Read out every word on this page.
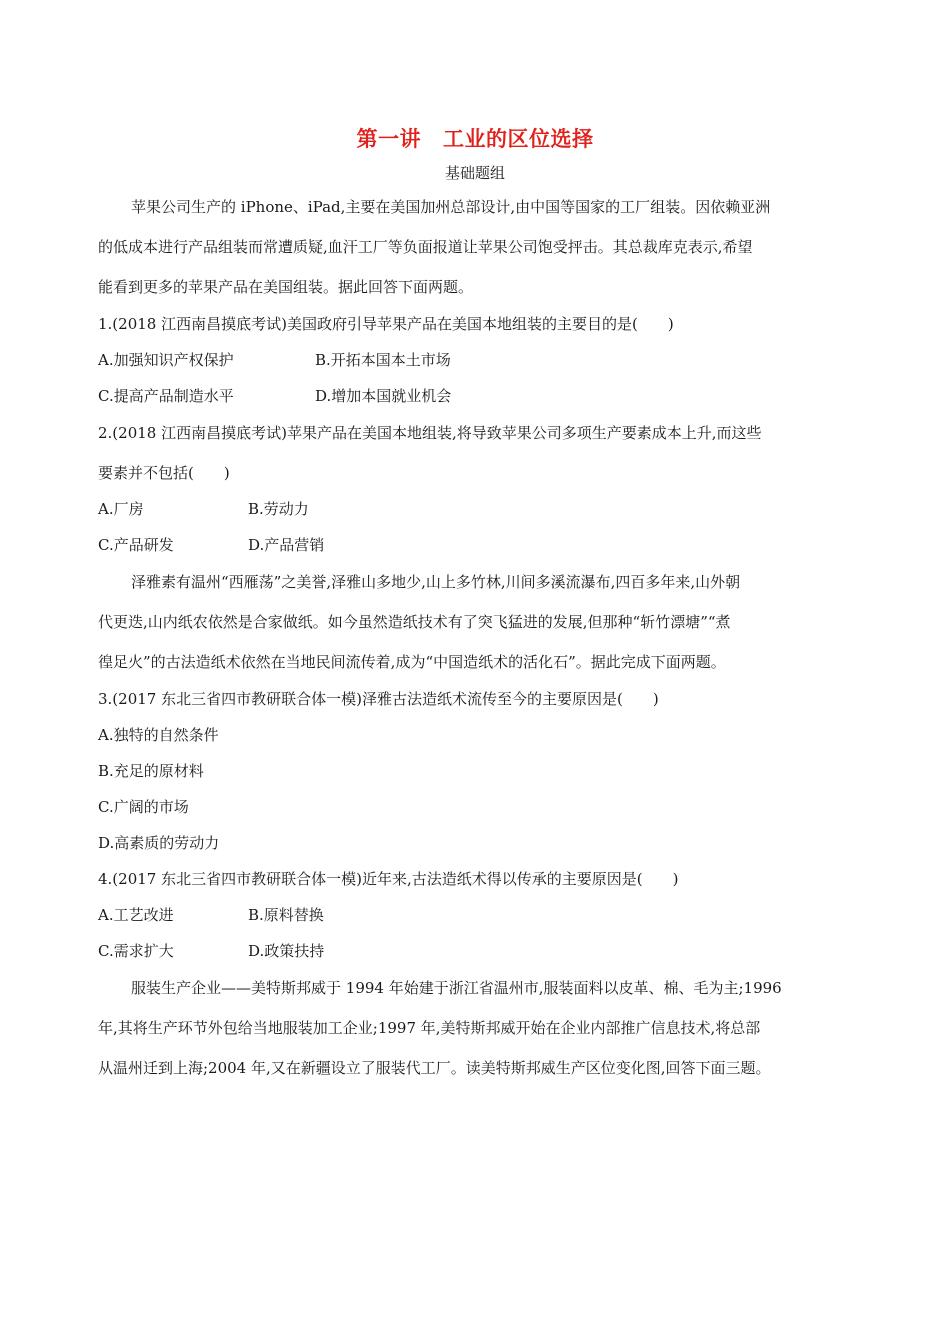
第一讲 工业的区位选择
基础题组
苹果公司生产的 iPhone、iPad,主要在美国加州总部设计,由中国等国家的工厂组装。因依赖亚洲
的低成本进行产品组装而常遭质疑,血汗工厂等负面报道让苹果公司饱受抨击。其总裁库克表示,希望
能看到更多的苹果产品在美国组装。据此回答下面两题。
1.(2018 江西南昌摸底考试)美国政府引导苹果产品在美国本地组装的主要目的是(　　)
A.加强知识产权保护	B.开拓本国本土市场
C.提高产品制造水平	D.增加本国就业机会
2.(2018 江西南昌摸底考试)苹果产品在美国本地组装,将导致苹果公司多项生产要素成本上升,而这些
要素并不包括(　　)
A.厂房	B.劳动力
C.产品研发	D.产品营销
泽雅素有温州“西雁荡”之美誉,泽雅山多地少,山上多竹林,川间多溪流瀑布,四百多年来,山外朝
代更迭,山内纸农依然是合家做纸。如今虽然造纸技术有了突飞猛进的发展,但那种“斩竹漂塘”“煮
徨足火”的古法造纸术依然在当地民间流传着,成为“中国造纸术的活化石”。据此完成下面两题。
3.(2017 东北三省四市教研联合体一模)泽雅古法造纸术流传至今的主要原因是(　　)
A.独特的自然条件
B.充足的原材料
C.广阔的市场
D.高素质的劳动力
4.(2017 东北三省四市教研联合体一模)近年来,古法造纸术得以传承的主要原因是(　　)
A.工艺改进	B.原料替换
C.需求扩大	D.政策扶持
服装生产企业——美特斯邦威于 1994 年始建于浙江省温州市,服装面料以皮革、棉、毛为主;1996
年,其将生产环节外包给当地服装加工企业;1997 年,美特斯邦威开始在企业内部推广信息技术,将总部
从温州迁到上海;2004 年,又在新疆设立了服装代工厂。读美特斯邦威生产区位变化图,回答下面三题。
